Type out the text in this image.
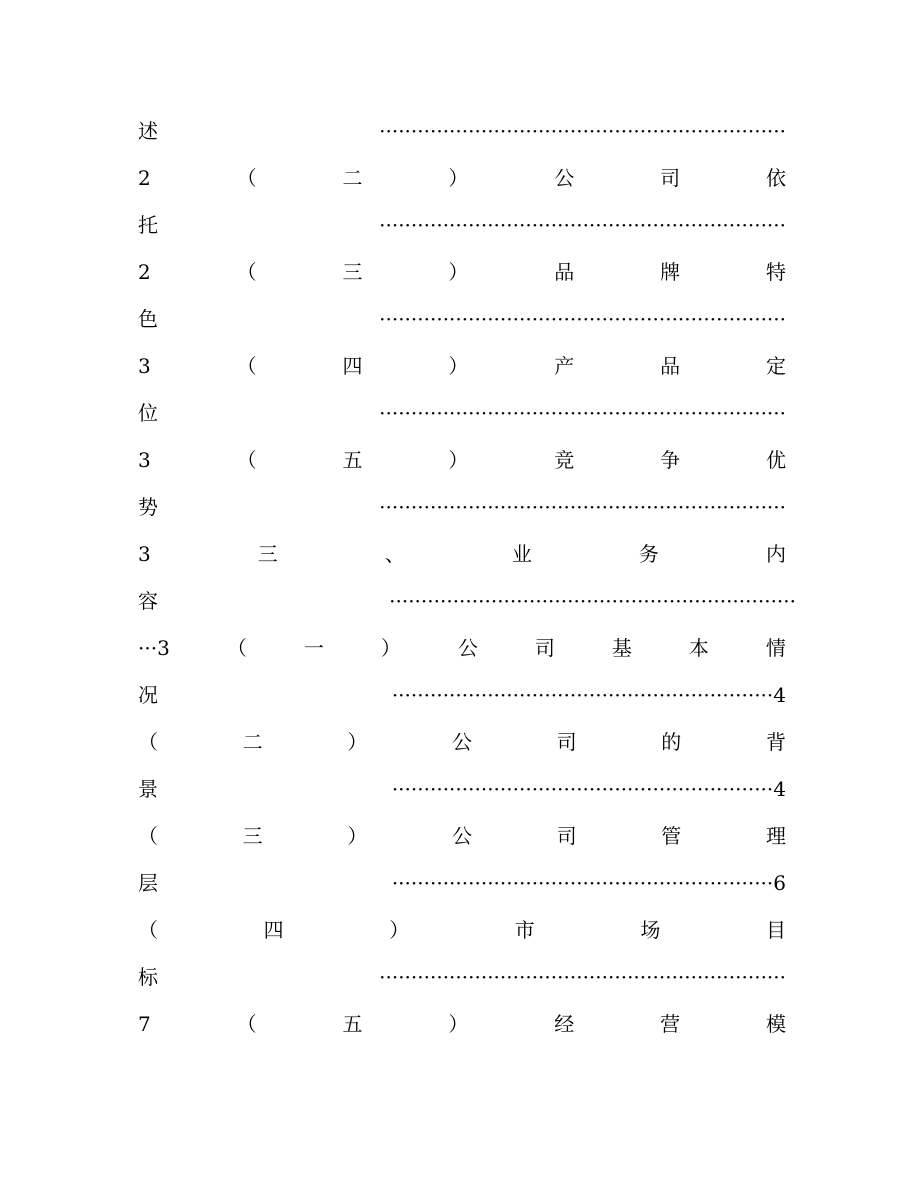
述	································································
2	（	二	）	公	司	依
托	································································
2	（	三	）	品	牌	特
色	································································
3	（	四	）	产	品	定
位	································································
3	（	五	）	竞	争	优
势	································································
3	三	、	业	务	内
容	································································
···3	（	一	）	公	司	基	本	情
况	····························································4
（	二	）	公	司	的	背
景	····························································4
（	三	）	公	司	管	理
层	····························································6
（	四	）	市	场	目
标	································································
7	（	五	）	经	营	模
